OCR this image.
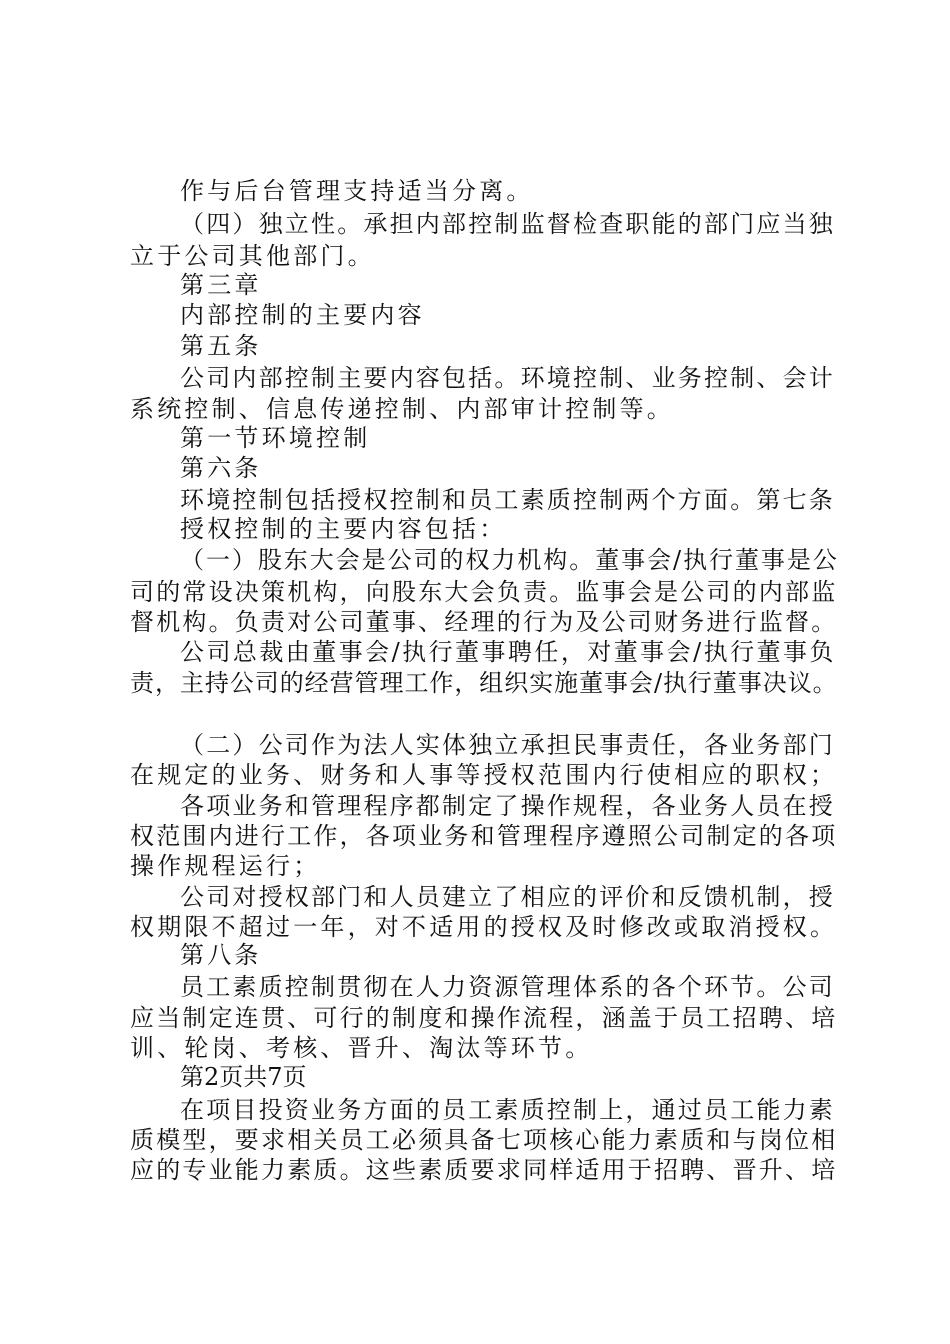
作与后台管理支持适当分离。
（四）独立性。承担内部控制监督检查职能的部门应当独
立于公司其他部门。
第三章
内部控制的主要内容
第五条
公司内部控制主要内容包括。环境控制、业务控制、会计
系统控制、信息传递控制、内部审计控制等。
第一节环境控制
第六条
环境控制包括授权控制和员工素质控制两个方面。第七条
授权控制的主要内容包括：
（一）股东大会是公司的权力机构。董事会/执行董事是公
司的常设决策机构，向股东大会负责。监事会是公司的内部监
督机构。负责对公司董事、经理的行为及公司财务进行监督。
公司总裁由董事会/执行董事聘任，对董事会/执行董事负
责，主持公司的经营管理工作，组织实施董事会/执行董事决议。
（二）公司作为法人实体独立承担民事责任，各业务部门
在规定的业务、财务和人事等授权范围内行使相应的职权；
各项业务和管理程序都制定了操作规程，各业务人员在授
权范围内进行工作，各项业务和管理程序遵照公司制定的各项
操作规程运行；
公司对授权部门和人员建立了相应的评价和反馈机制，授
权期限不超过一年，对不适用的授权及时修改或取消授权。
第八条
员工素质控制贯彻在人力资源管理体系的各个环节。公司
应当制定连贯、可行的制度和操作流程，涵盖于员工招聘、培
训、轮岗、考核、晋升、淘汰等环节。
第2页共7页
在项目投资业务方面的员工素质控制上，通过员工能力素
质模型，要求相关员工必须具备七项核心能力素质和与岗位相
应的专业能力素质。这些素质要求同样适用于招聘、晋升、培
